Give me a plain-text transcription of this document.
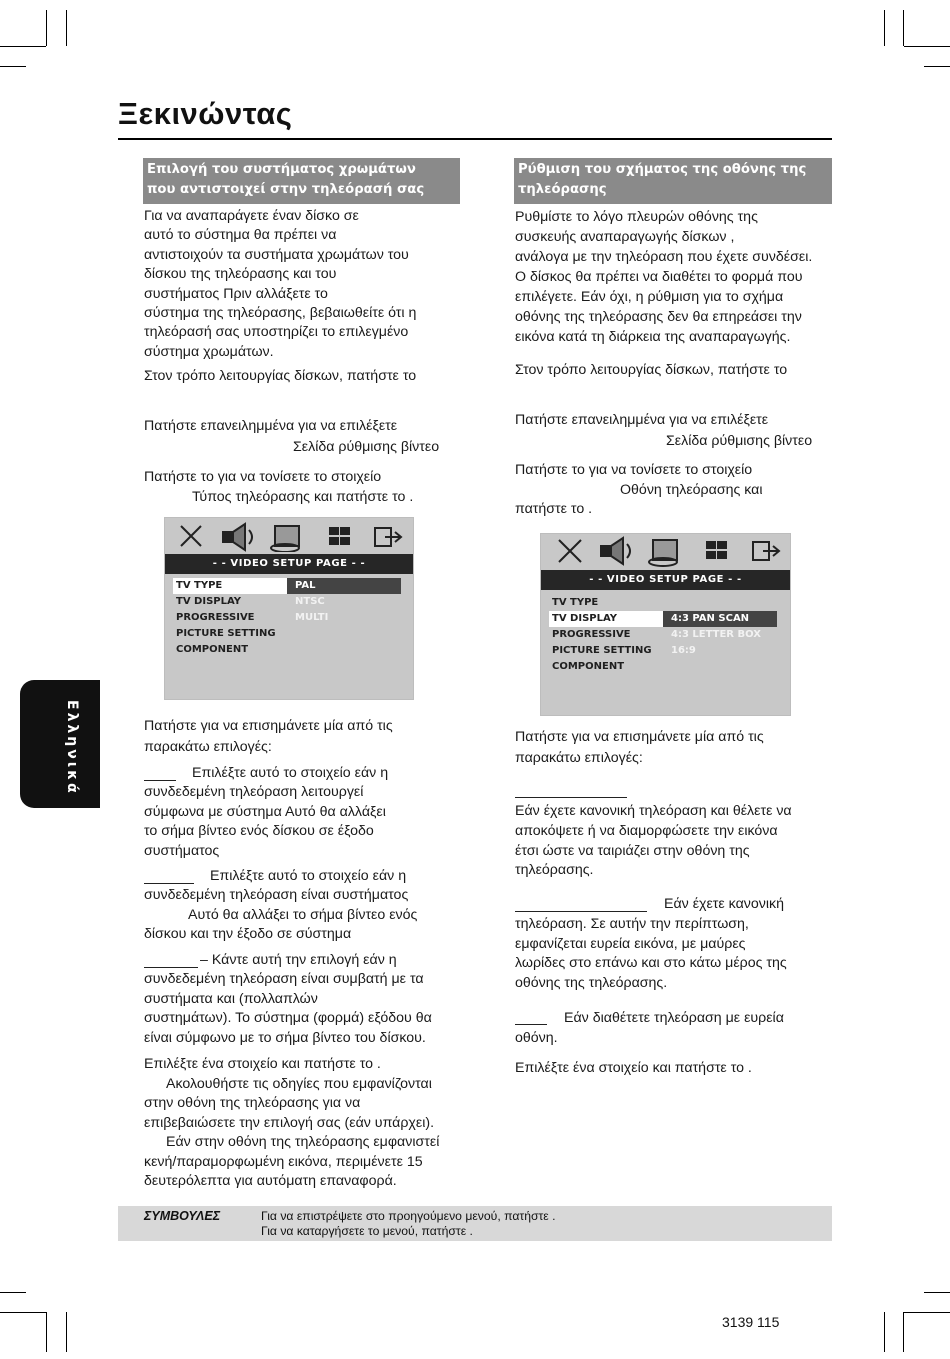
Ξεκινώντας
Ελληνικά
Επιλογή του συστήματος χρωμάτων
που αντιστοιχεί στην τηλεόρασή σας
Για να αναπαράγετε έναν δίσκο σε
αυτό το σύστημα θα πρέπει να
αντιστοιχούν τα συστήματα χρωμάτων του
δίσκου της τηλεόρασης και του
συστήματος Πριν αλλάξετε το
σύστημα της τηλεόρασης, βεβαιωθείτε ότι η
τηλεόρασή σας υποστηρίζει το επιλεγμένο
σύστημα χρωμάτων.
Στον τρόπο λειτουργίας δίσκων, πατήστε το
Πατήστε επανειλημμένα για να επιλέξετε
Σελίδα ρύθμισης βίντεο
Πατήστε το για να τονίσετε το στοιχείο
Τύπος τηλεόρασης και πατήστε το .
- - VIDEO SETUP PAGE - -
TV TYPE
TV DISPLAY
PROGRESSIVE
PICTURE SETTING
COMPONENT
PAL
NTSC
MULTI
Πατήστε για να επισημάνετε μία από τις
παρακάτω επιλογές:
Επιλέξτε αυτό το στοιχείο εάν η
συνδεδεμένη τηλεόραση λειτουργεί
σύμφωνα με σύστημα Αυτό θα αλλάξει
το σήμα βίντεο ενός δίσκου σε έξοδο
συστήματος
Επιλέξτε αυτό το στοιχείο εάν η
συνδεδεμένη τηλεόραση είναι συστήματος
Αυτό θα αλλάξει το σήμα βίντεο ενός
δίσκου και την έξοδο σε σύστημα
– Κάντε αυτή την επιλογή εάν η
συνδεδεμένη τηλεόραση είναι συμβατή με τα
συστήματα και (πολλαπλών
συστημάτων). Το σύστημα (φορμά) εξόδου θα
είναι σύμφωνο με το σήμα βίντεο του δίσκου.
Επιλέξτε ένα στοιχείο και πατήστε το .
Ακολουθήστε τις οδηγίες που εμφανίζονται
στην οθόνη της τηλεόρασης για να
επιβεβαιώσετε την επιλογή σας (εάν υπάρχει).
Εάν στην οθόνη της τηλεόρασης εμφανιστεί
κενή/παραμορφωμένη εικόνα, περιμένετε 15
δευτερόλεπτα για αυτόματη επαναφορά.
Ρύθμιση του σχήματος της οθόνης της
τηλεόρασης
Ρυθμίστε το λόγο πλευρών οθόνης της
συσκευής αναπαραγωγής δίσκων ,
ανάλογα με την τηλεόραση που έχετε συνδέσει.
Ο δίσκος θα πρέπει να διαθέτει το φορμά που
επιλέγετε. Εάν όχι, η ρύθμιση για το σχήμα
οθόνης της τηλεόρασης δεν θα επηρεάσει την
εικόνα κατά τη διάρκεια της αναπαραγωγής.
Στον τρόπο λειτουργίας δίσκων, πατήστε το
Πατήστε επανειλημμένα για να επιλέξετε
Σελίδα ρύθμισης βίντεο
Πατήστε το για να τονίσετε το στοιχείο
Οθόνη τηλεόρασης και
πατήστε το .
- - VIDEO SETUP PAGE - -
TV TYPE
TV DISPLAY
PROGRESSIVE
PICTURE SETTING
COMPONENT
4:3 PAN SCAN
4:3 LETTER BOX
16:9
Πατήστε για να επισημάνετε μία από τις
παρακάτω επιλογές:
Εάν έχετε κανονική τηλεόραση και θέλετε να
αποκόψετε ή να διαμορφώσετε την εικόνα
έτσι ώστε να ταιριάζει στην οθόνη της
τηλεόρασης.
Εάν έχετε κανονική
τηλεόραση. Σε αυτήν την περίπτωση,
εμφανίζεται ευρεία εικόνα, με μαύρες
λωρίδες στο επάνω και στο κάτω μέρος της
οθόνης της τηλεόρασης.
Εάν διαθέτετε τηλεόραση με ευρεία
οθόνη.
Επιλέξτε ένα στοιχείο και πατήστε το .
ΣΥΜΒΟΥΛΕΣ	Για να επιστρέψετε στο προηγούμενο μενού, πατήστε .
Για να καταργήσετε το μενού, πατήστε .
3139 115
